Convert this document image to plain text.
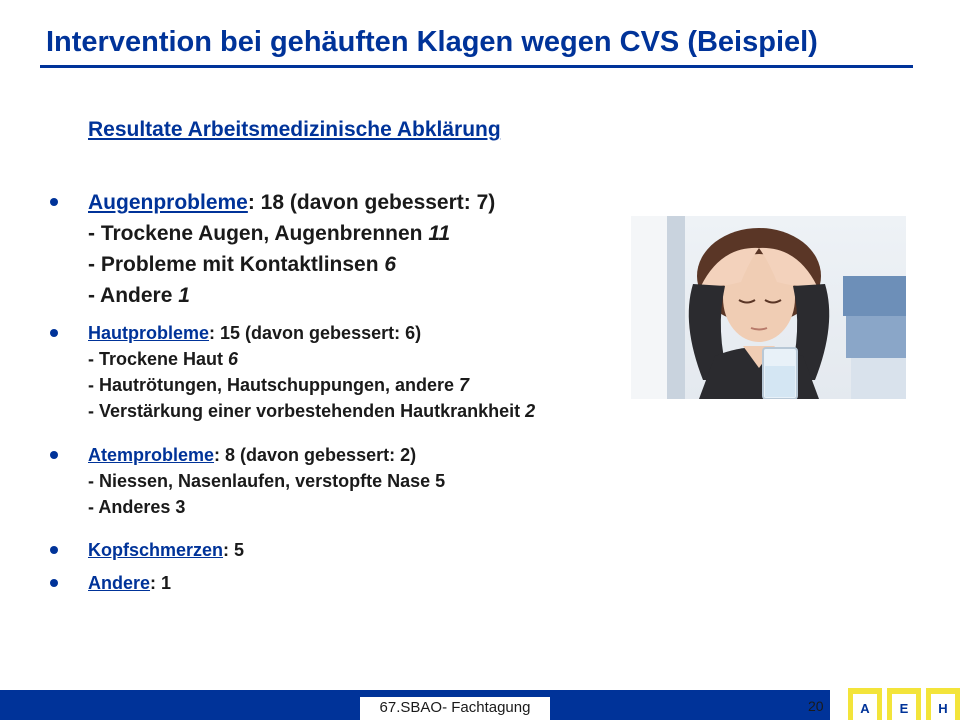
Intervention bei gehäuften Klagen wegen CVS (Beispiel)
Resultate Arbeitsmedizinische Abklärung
Augenprobleme: 18 (davon gebessert: 7)
- Trockene Augen, Augenbrennen 11
- Probleme mit Kontaktlinsen 6
- Andere 1
Hautprobleme: 15 (davon gebessert: 6)
- Trockene Haut 6
- Hautrötungen, Hautschuppungen, andere 7
- Verstärkung einer vorbestehenden Hautkrankheit 2
Atemprobleme: 8 (davon gebessert: 2)
- Niessen, Nasenlaufen, verstopfte Nase 5
- Anderes 3
Kopfschmerzen: 5
Andere: 1
67.SBAO- Fachtagung	20	A	E	H
